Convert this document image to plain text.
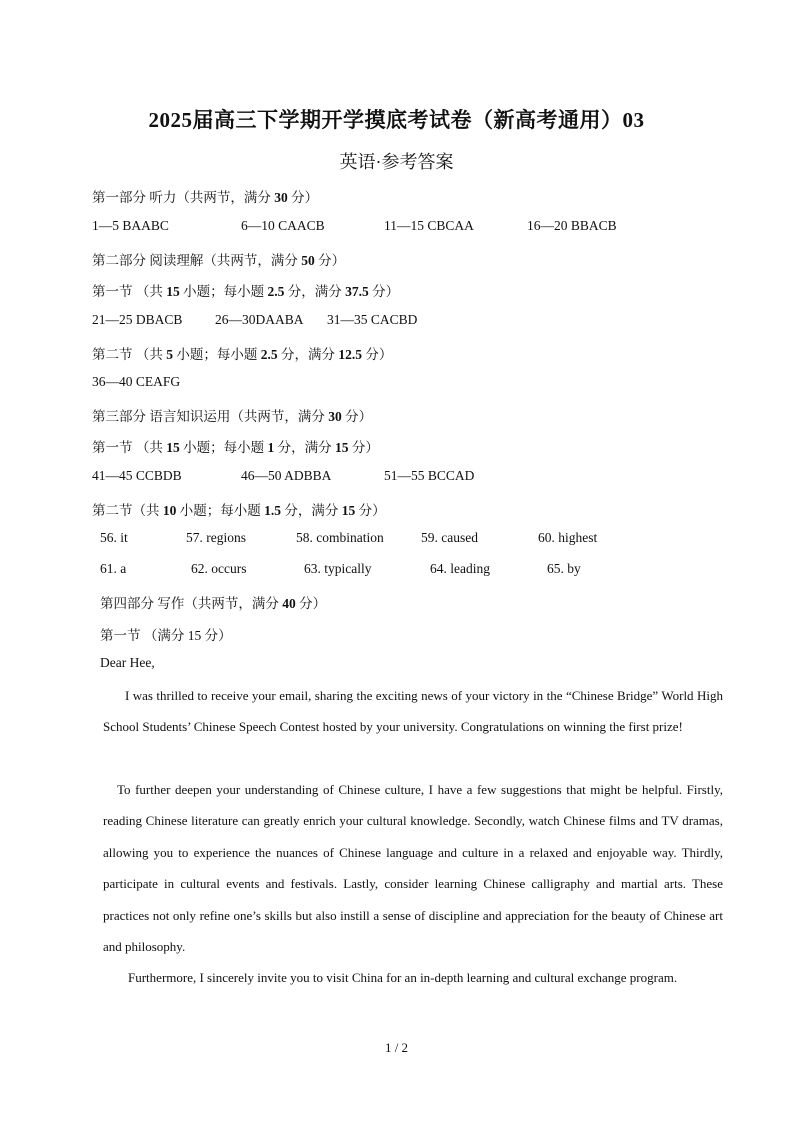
2025届高三下学期开学摸底考试卷（新高考通用）03
英语·参考答案
第一部分 听力（共两节，满分 30 分）
1—5 BAABC	6—10 CAACB	11—15 CBCAA	16—20 BBACB
第二部分 阅读理解（共两节，满分 50 分）
第一节 （共 15 小题；每小题 2.5 分，满分 37.5 分）
21—25 DBACB 26—30DAABA 31—35 CACBD
第二节 （共 5 小题；每小题 2.5 分，满分 12.5 分）
36—40 CEAFG
第三部分 语言知识运用（共两节，满分 30 分）
第一节 （共 15 小题；每小题 1 分，满分 15 分）
41—45 CCBDB	46—50 ADBBA	51—55 BCCAD
第二节（共 10 小题；每小题 1.5 分，满分 15 分）
56. it	57. regions	58. combination	59. caused	60. highest
61. a	62. occurs	63. typically	64. leading	65. by
第四部分 写作（共两节，满分 40 分）
第一节 （满分 15 分）
Dear Hee,
I was thrilled to receive your email, sharing the exciting news of your victory in the “Chinese Bridge” World High School Students’ Chinese Speech Contest hosted by your university. Congratulations on winning the first prize!
To further deepen your understanding of Chinese culture, I have a few suggestions that might be helpful. Firstly, reading Chinese literature can greatly enrich your cultural knowledge. Secondly, watch Chinese films and TV dramas, allowing you to experience the nuances of Chinese language and culture in a relaxed and enjoyable way. Thirdly, participate in cultural events and festivals. Lastly, consider learning Chinese calligraphy and martial arts. These practices not only refine one’s skills but also instill a sense of discipline and appreciation for the beauty of Chinese art and philosophy.
Furthermore, I sincerely invite you to visit China for an in-depth learning and cultural exchange program.
1 / 2
